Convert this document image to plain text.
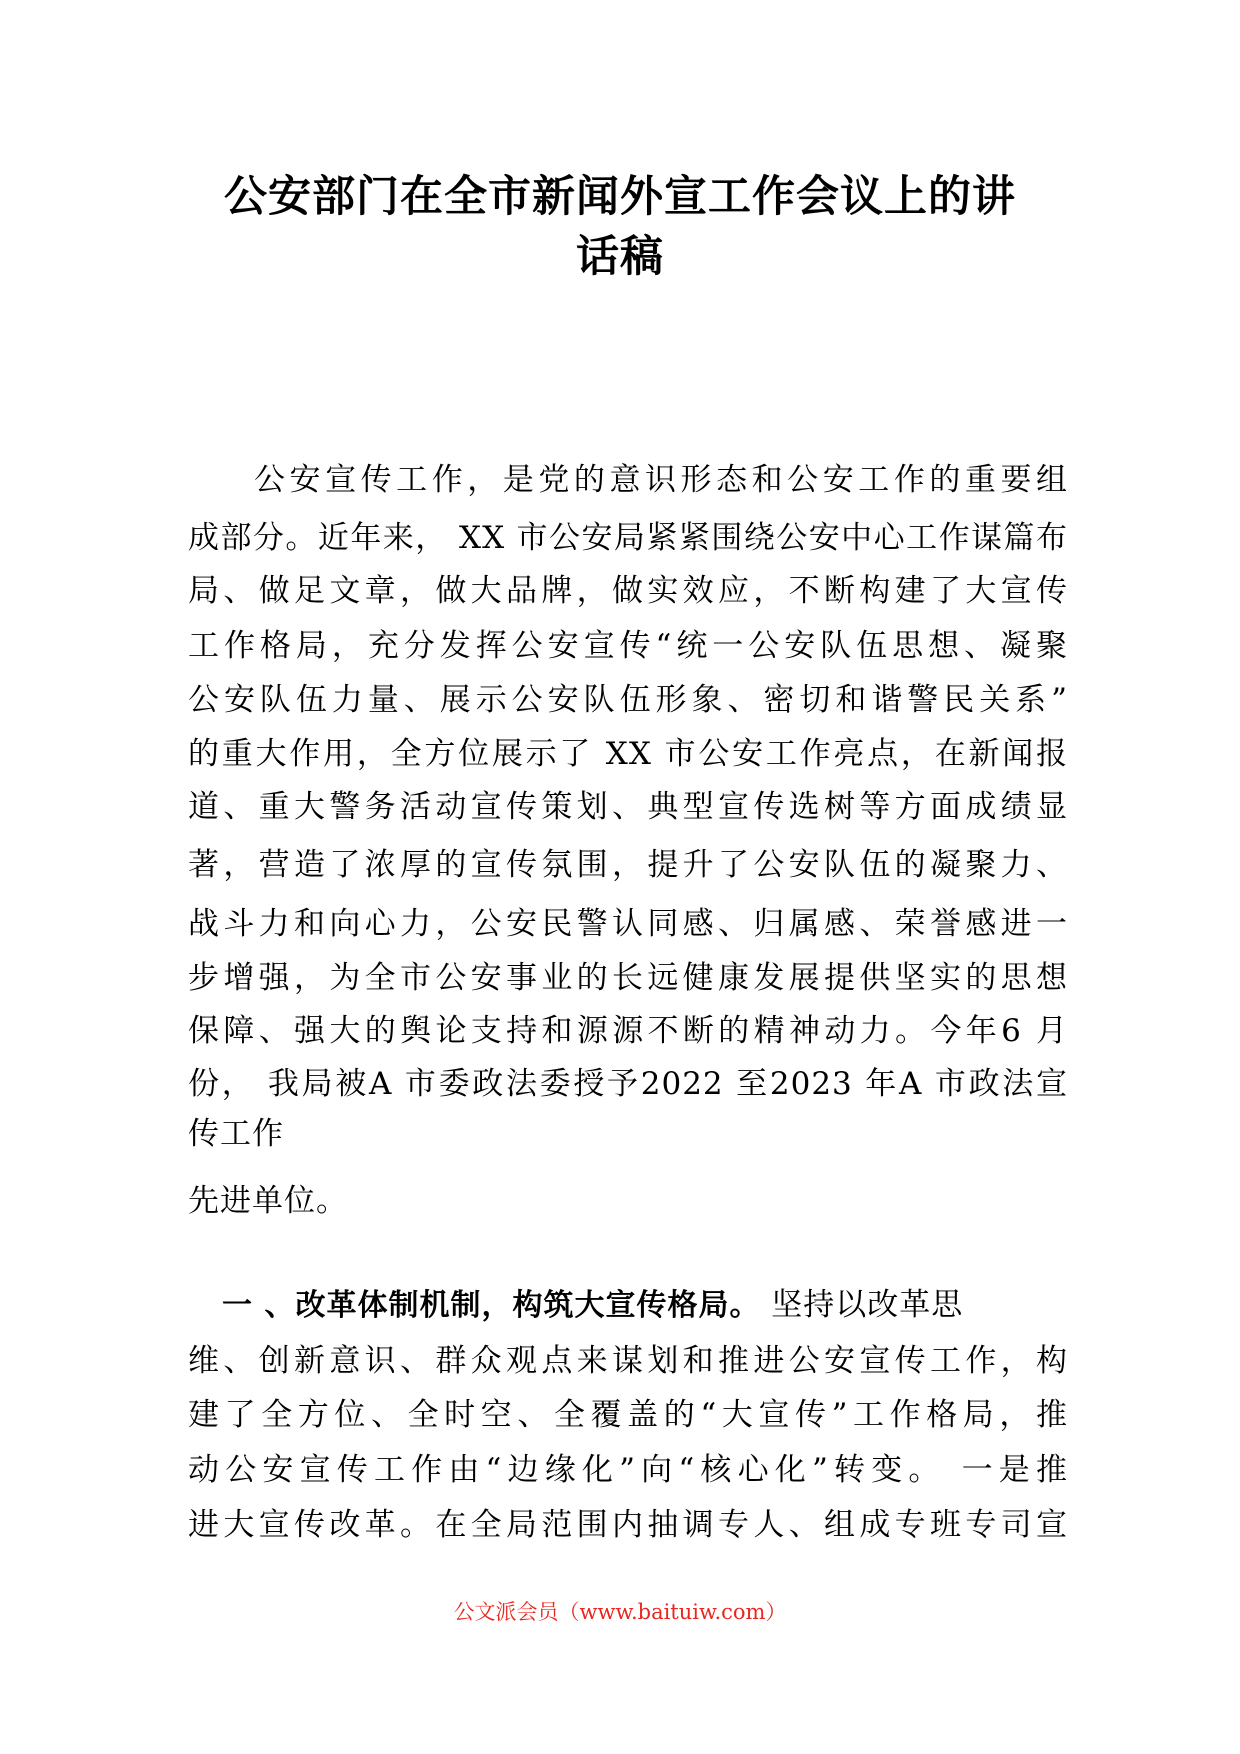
公安部门在全市新闻外宣工作会议上的讲
话稿
公安宣传工作，是党的意识形态和公安工作的重要组
成部分。近年来， XX 市公安局紧紧围绕公安中心工作谋篇布
局、做足文章，做大品牌，做实效应，不断构建了大宣传
工作格局，充分发挥公安宣传“统一公安队伍思想、凝聚
公安队伍力量、展示公安队伍形象、密切和谐警民关系”
的重大作用，全方位展示了 XX 市公安工作亮点，在新闻报
道、重大警务活动宣传策划、典型宣传选树等方面成绩显
著，营造了浓厚的宣传氛围，提升了公安队伍的凝聚力、
战斗力和向心力，公安民警认同感、归属感、荣誉感进一
步增强，为全市公安事业的长远健康发展提供坚实的思想
保障、强大的舆论支持和源源不断的精神动力。今年6 月
份， 我局被A 市委政法委授予2022 至2023 年A 市政法宣
传工作
先进单位。
一 、改革体制机制，构筑大宣传格局。 坚持以改革思
维、创新意识、群众观点来谋划和推进公安宣传工作，构
建了全方位、全时空、全覆盖的“大宣传”工作格局，推
动公安宣传工作由“边缘化”向“核心化”转变。 一是推
进大宣传改革。在全局范围内抽调专人、组成专班专司宣
公文派会员（www.baituiw.com）
